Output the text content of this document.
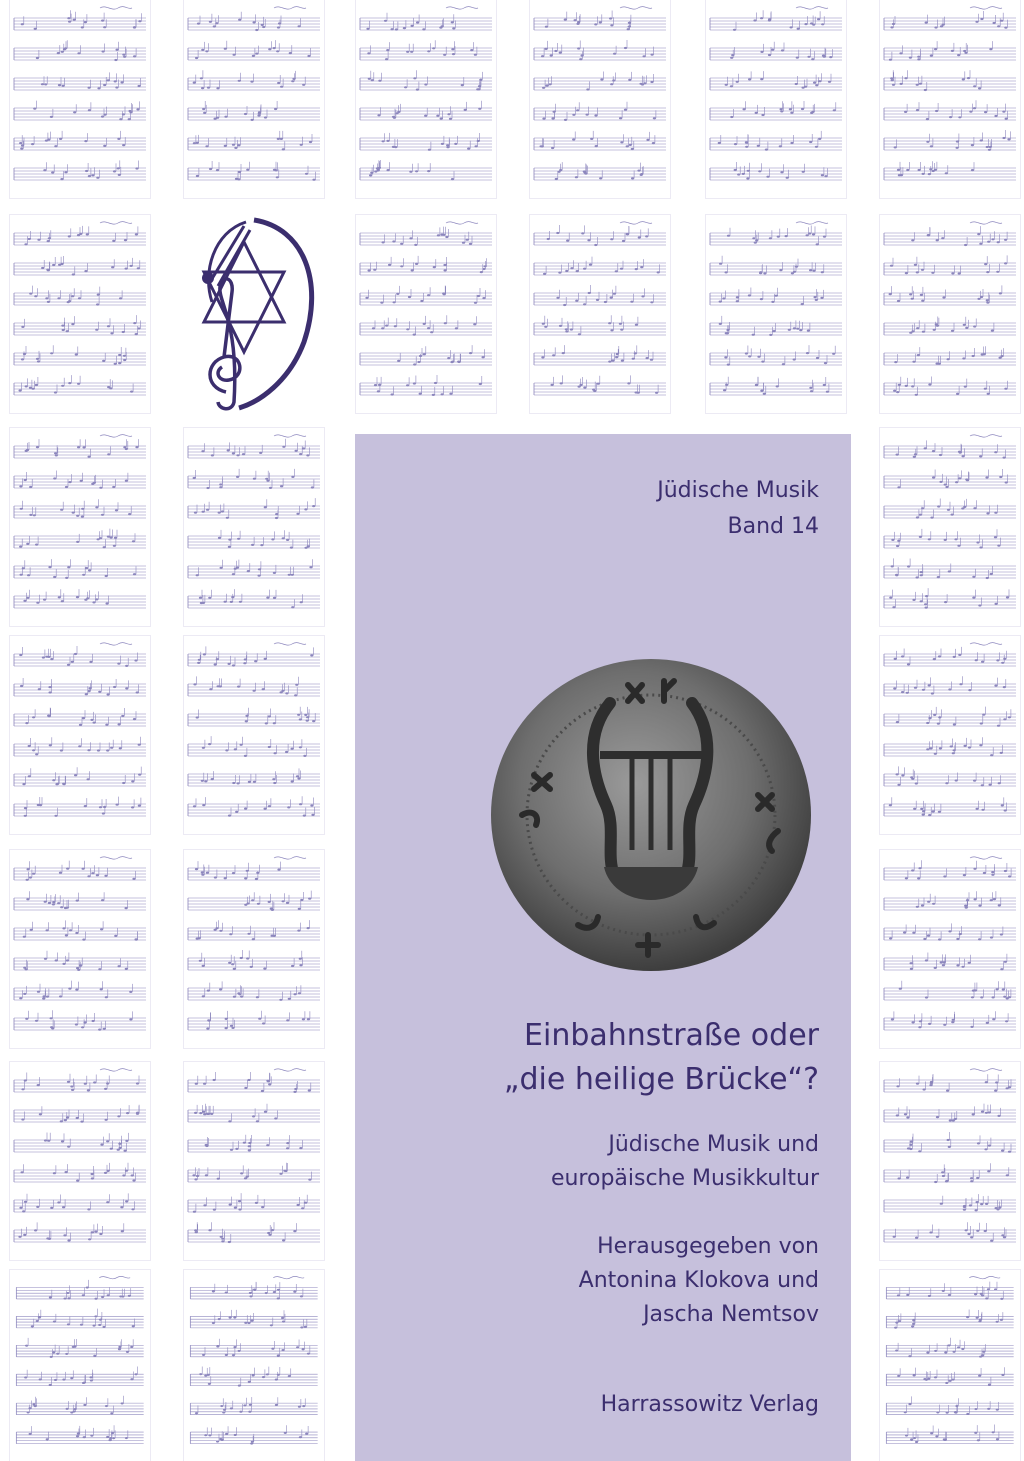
Jüdische Musik
Band 14
Einbahnstraße oder
„die heilige Brücke“?
Jüdische Musik und
europäische Musikkultur
Herausgegeben von
Antonina Klokova und
Jascha Nemtsov
Harrassowitz Verlag
